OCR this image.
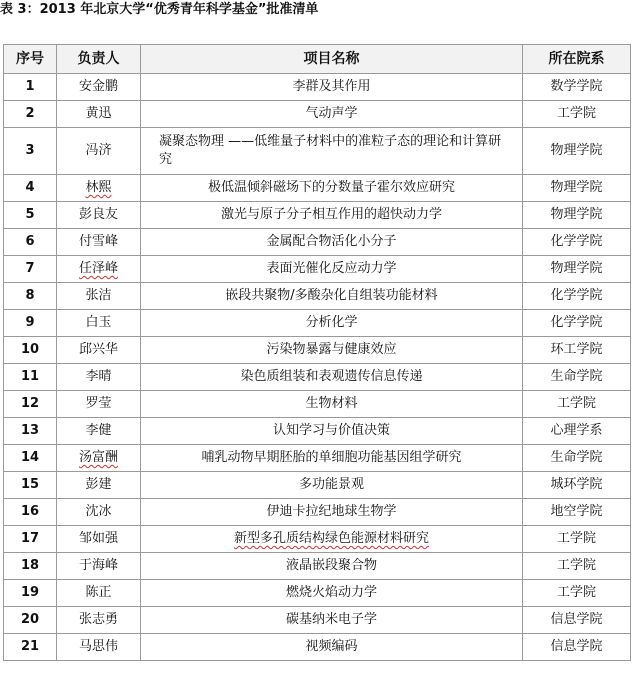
表 3：2013 年北京大学“优秀青年科学基金”批准清单
序号	负责人	项目名称	所在院系
1	安金鹏	李群及其作用	数学学院
2	黄迅	气动声学	工学院
3	冯济	凝聚态物理 ——低维量子材料中的准粒子态的理论和计算研究	物理学院
4	林熙	极低温倾斜磁场下的分数量子霍尔效应研究	物理学院
5	彭良友	激光与原子分子相互作用的超快动力学	物理学院
6	付雪峰	金属配合物活化小分子	化学学院
7	任泽峰	表面光催化反应动力学	物理学院
8	张洁	嵌段共聚物/多酸杂化自组装功能材料	化学学院
9	白玉	分析化学	化学学院
10	邱兴华	污染物暴露与健康效应	环工学院
11	李晴	染色质组装和表观遗传信息传递	生命学院
12	罗莹	生物材料	工学院
13	李健	认知学习与价值决策	心理学系
14	汤富酬	哺乳动物早期胚胎的单细胞功能基因组学研究	生命学院
15	彭建	多功能景观	城环学院
16	沈冰	伊迪卡拉纪地球生物学	地空学院
17	邹如强	新型多孔质结构绿色能源材料研究	工学院
18	于海峰	液晶嵌段聚合物	工学院
19	陈正	燃烧火焰动力学	工学院
20	张志勇	碳基纳米电子学	信息学院
21	马思伟	视频编码	信息学院
